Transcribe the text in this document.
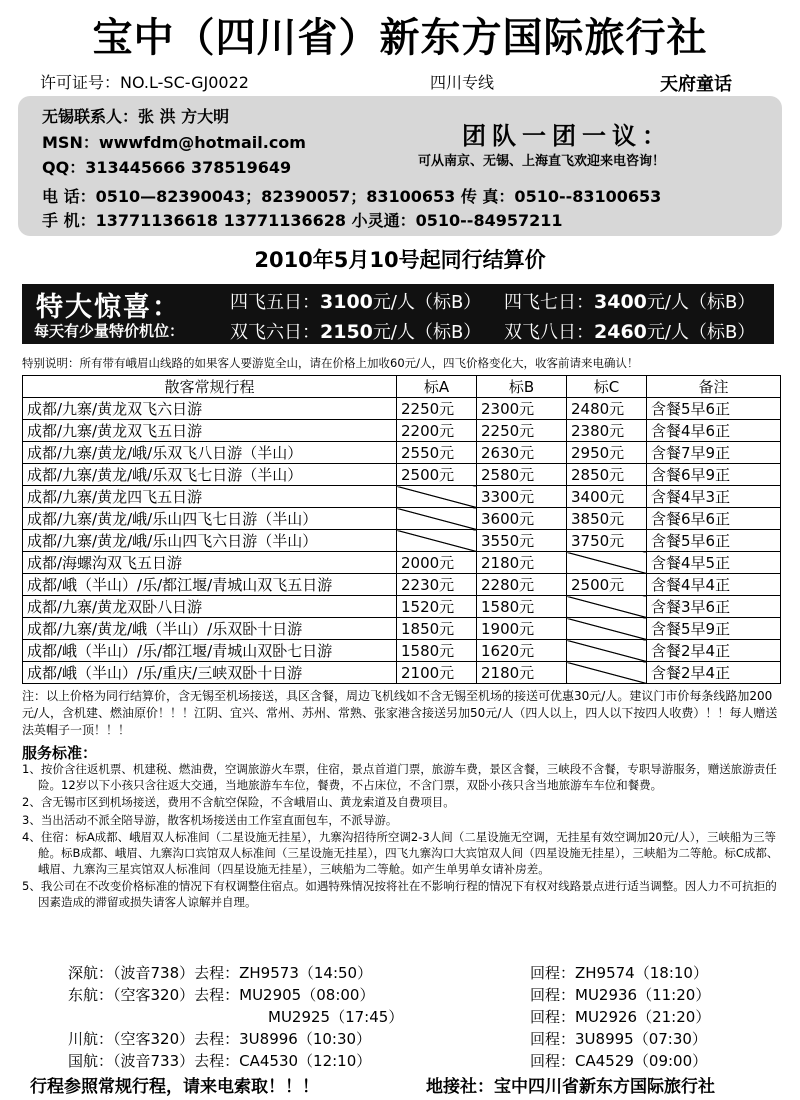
宝中（四川省）新东方国际旅行社
许可证号：NO.L-SC-GJ0022	四川专线	天府童话
无锡联系人：张 洪 方大明
MSN：wwwfdm@hotmail.com
QQ：313445666 378519649
团队一团一议：
可从南京、无锡、上海直飞欢迎来电咨询！
电 话：0510—82390043；82390057；83100653 传 真：0510--83100653
手 机：13771136618 13771136628 小灵通：0510--84957211
2010年5月10号起同行结算价
特大惊喜：
每天有少量特价机位：
四飞五日：3100元/人（标B） 四飞七日：3400元/人（标B）
双飞六日：2150元/人（标B） 双飞八日：2460元/人（标B）
特别说明：所有带有峨眉山线路的如果客人要游览全山，请在价格上加收60元/人，四飞价格变化大，收客前请来电确认！
散客常规行程	标A	标B	标C	备注
成都/九寨/黄龙双飞六日游	2250元	2300元	2480元	含餐5早6正
成都/九寨/黄龙双飞五日游	2200元	2250元	2380元	含餐4早6正
成都/九寨/黄龙/峨/乐双飞八日游（半山）	2550元	2630元	2950元	含餐7早9正
成都/九寨/黄龙/峨/乐双飞七日游（半山）	2500元	2580元	2850元	含餐6早9正
成都/九寨/黄龙四飞五日游		3300元	3400元	含餐4早3正
成都/九寨/黄龙/峨/乐山四飞七日游（半山）		3600元	3850元	含餐6早6正
成都/九寨/黄龙/峨/乐山四飞六日游（半山）		3550元	3750元	含餐5早6正
成都/海螺沟双飞五日游	2000元	2180元		含餐4早5正
成都/峨（半山）/乐/都江堰/青城山双飞五日游	2230元	2280元	2500元	含餐4早4正
成都/九寨/黄龙双卧八日游	1520元	1580元		含餐3早6正
成都/九寨/黄龙/峨（半山）/乐双卧十日游	1850元	1900元		含餐5早9正
成都/峨（半山）/乐/都江堰/青城山双卧七日游	1580元	1620元		含餐2早4正
成都/峨（半山）/乐/重庆/三峡双卧十日游	2100元	2180元		含餐2早4正
注：以上价格为同行结算价，含无锡至机场接送，具区含餐，周边飞机线如不含无锡至机场的接送可优惠30元/人。建议门市价每条线路加200元/人，含机建、燃油原价！！！江阴、宜兴、常州、苏州、常熟、张家港含接送另加50元/人（四人以上，四人以下按四人收费）！！每人赠送法英帽子一顶！！！
服务标准：

1、按价含往返机票、机建税、燃油费，空调旅游火车票，住宿，景点首道门票，旅游车费，景区含餐，三峡段不含餐，专职导游服务，赠送旅游责任险。12岁以下小孩只含往返大交通，当地旅游车车位，餐费，不占床位，不含门票，双卧小孩只含当地旅游车车位和餐费。

2、含无锡市区到机场接送，费用不含航空保险，不含峨眉山、黄龙索道及自费项目。

3、当出活动不派全陪导游，散客机场接送由工作室直面包车，不派导游。

4、住宿：标A成都、峨眉双人标准间（二星设施无挂星），九寨沟招待所空调2-3人间（二星设施无空调，无挂星有效空调加20元/人），三峡船为三等舱。标B成都、峨眉、九寨沟口宾馆双人标准间（三星设施无挂星），四飞九寨沟口大宾馆双人间（四星设施无挂星），三峡船为二等舱。标C成都、峨眉、九寨沟三星宾馆双人标准间（四星设施无挂星），三峡船为二等舱。如产生单男单女请补房差。

5、我公司在不改变价格标准的情况下有权调整住宿点。如遇特殊情况按将社在不影响行程的情况下有权对线路景点进行适当调整。因人力不可抗拒的因素造成的滞留或损失请客人谅解并自理。

深航：（波音738）去程：ZH9573（14:50）	回程：ZH9574（18:10）
东航：（空客320）去程：MU2905（08:00）	回程：MU2936（11:20）
MU2925（17:45）	回程：MU2926（21:20）
川航：（空客320）去程：3U8996（10:30）	回程：3U8995（07:30）
国航：（波音733）去程：CA4530（12:10）	回程：CA4529（09:00）
行程参照常规行程，请来电索取！！！	地接社：宝中四川省新东方国际旅行社
